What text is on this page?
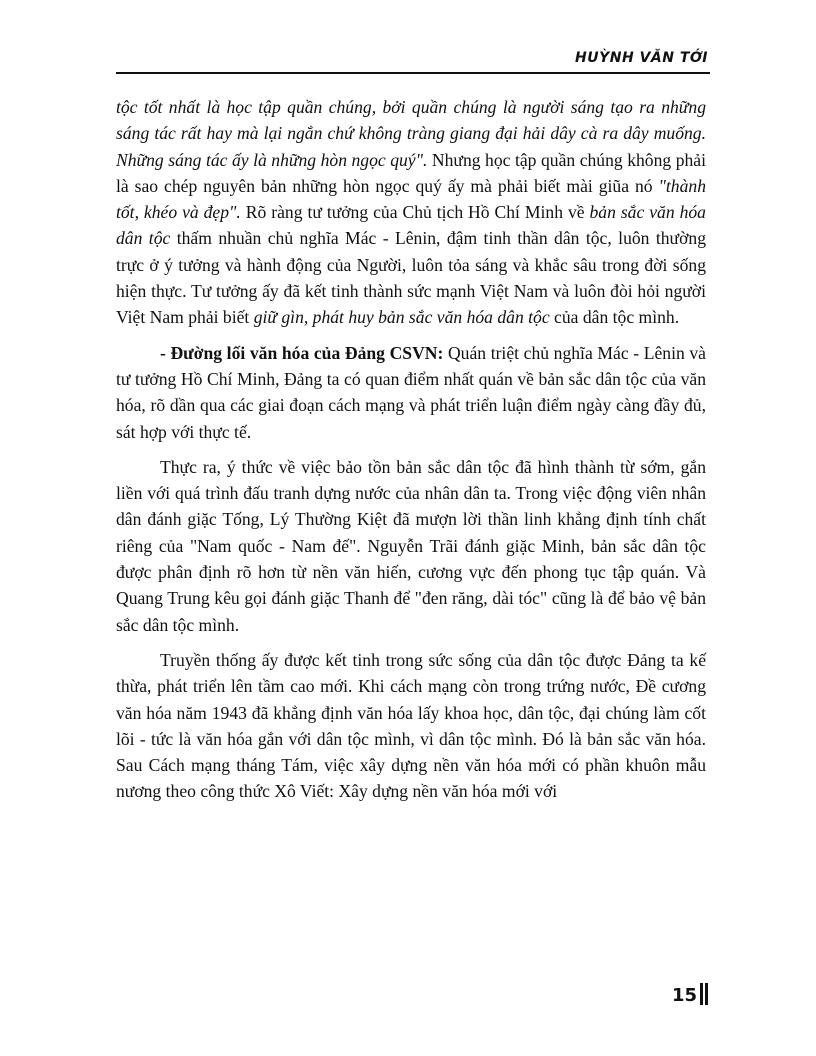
HUỲNH VĂN TỚI

tộc tốt nhất là học tập quần chúng, bởi quần chúng là người sáng tạo ra những sáng tác rất hay mà lại ngắn chứ không tràng giang đại hải dây cà ra dây muống. Những sáng tác ấy là những hòn ngọc quý". Nhưng học tập quần chúng không phải là sao chép nguyên bản những hòn ngọc quý ấy mà phải biết mài giũa nó "thành tốt, khéo và đẹp". Rõ ràng tư tưởng của Chủ tịch Hồ Chí Minh về bản sắc văn hóa dân tộc thấm nhuần chủ nghĩa Mác - Lênin, đậm tinh thần dân tộc, luôn thường trực ở ý tưởng và hành động của Người, luôn tỏa sáng và khắc sâu trong đời sống hiện thực. Tư tưởng ấy đã kết tinh thành sức mạnh Việt Nam và luôn đòi hỏi người Việt Nam phải biết giữ gìn, phát huy bản sắc văn hóa dân tộc của dân tộc mình.

- Đường lối văn hóa của Đảng CSVN: Quán triệt chủ nghĩa Mác - Lênin và tư tưởng Hồ Chí Minh, Đảng ta có quan điểm nhất quán về bản sắc dân tộc của văn hóa, rõ dần qua các giai đoạn cách mạng và phát triển luận điểm ngày càng đầy đủ, sát hợp với thực tế.

Thực ra, ý thức về việc bảo tồn bản sắc dân tộc đã hình thành từ sớm, gắn liền với quá trình đấu tranh dựng nước của nhân dân ta. Trong việc động viên nhân dân đánh giặc Tống, Lý Thường Kiệt đã mượn lời thần linh khẳng định tính chất riêng của "Nam quốc - Nam đế". Nguyễn Trãi đánh giặc Minh, bản sắc dân tộc được phân định rõ hơn từ nền văn hiến, cương vực đến phong tục tập quán. Và Quang Trung kêu gọi đánh giặc Thanh để "đen răng, dài tóc" cũng là để bảo vệ bản sắc dân tộc mình.

Truyền thống ấy được kết tinh trong sức sống của dân tộc được Đảng ta kế thừa, phát triển lên tầm cao mới. Khi cách mạng còn trong trứng nước, Đề cương văn hóa năm 1943 đã khẳng định văn hóa lấy khoa học, dân tộc, đại chúng làm cốt lõi - tức là văn hóa gắn với dân tộc mình, vì dân tộc mình. Đó là bản sắc văn hóa. Sau Cách mạng tháng Tám, việc xây dựng nền văn hóa mới có phần khuôn mẫu nương theo công thức Xô Viết: Xây dựng nền văn hóa mới với

15
